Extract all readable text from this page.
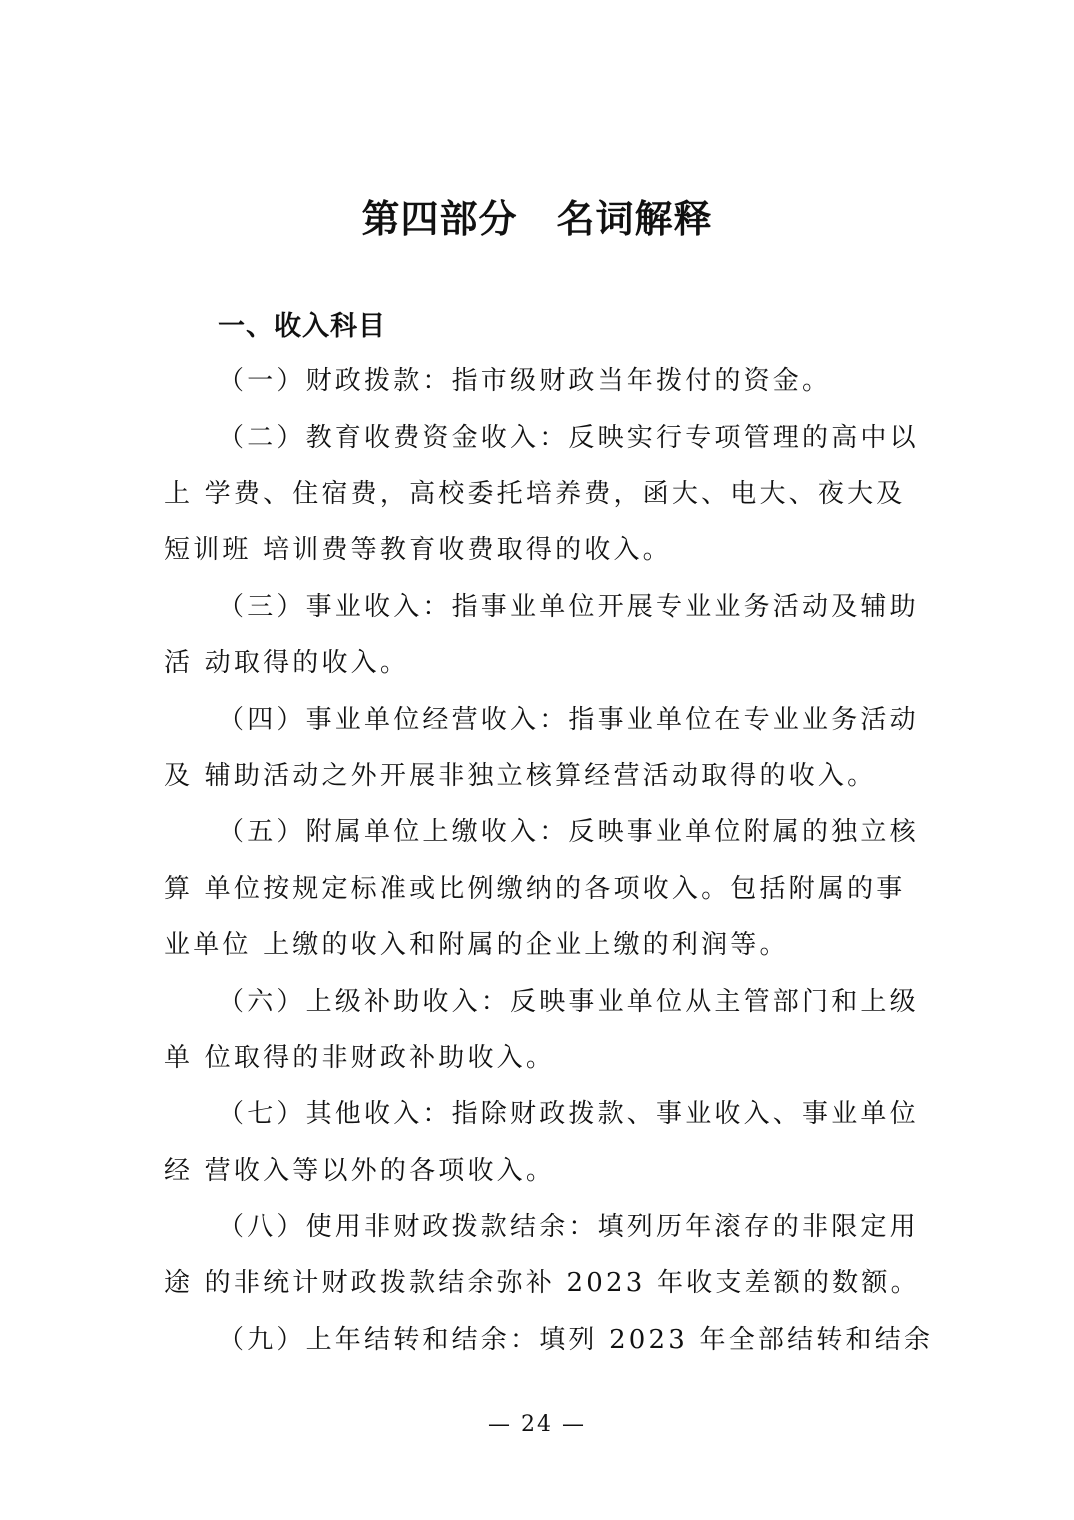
第四部分　名词解释
一、收入科目

（一）财政拨款：指市级财政当年拨付的资金。

（二）教育收费资金收入：反映实行专项管理的高中以

上 学费、住宿费，高校委托培养费，函大、电大、夜大及

短训班 培训费等教育收费取得的收入。

（三）事业收入：指事业单位开展专业业务活动及辅助

活 动取得的收入。

（四）事业单位经营收入：指事业单位在专业业务活动

及 辅助活动之外开展非独立核算经营活动取得的收入。

（五）附属单位上缴收入：反映事业单位附属的独立核

算 单位按规定标准或比例缴纳的各项收入。包括附属的事

业单位 上缴的收入和附属的企业上缴的利润等。

（六）上级补助收入：反映事业单位从主管部门和上级

单 位取得的非财政补助收入。

（七）其他收入：指除财政拨款、事业收入、事业单位

经 营收入等以外的各项收入。

（八）使用非财政拨款结余：填列历年滚存的非限定用

途 的非统计财政拨款结余弥补 2023 年收支差额的数额。

（九）上年结转和结余：填列 2023 年全部结转和结余

— 24 —
